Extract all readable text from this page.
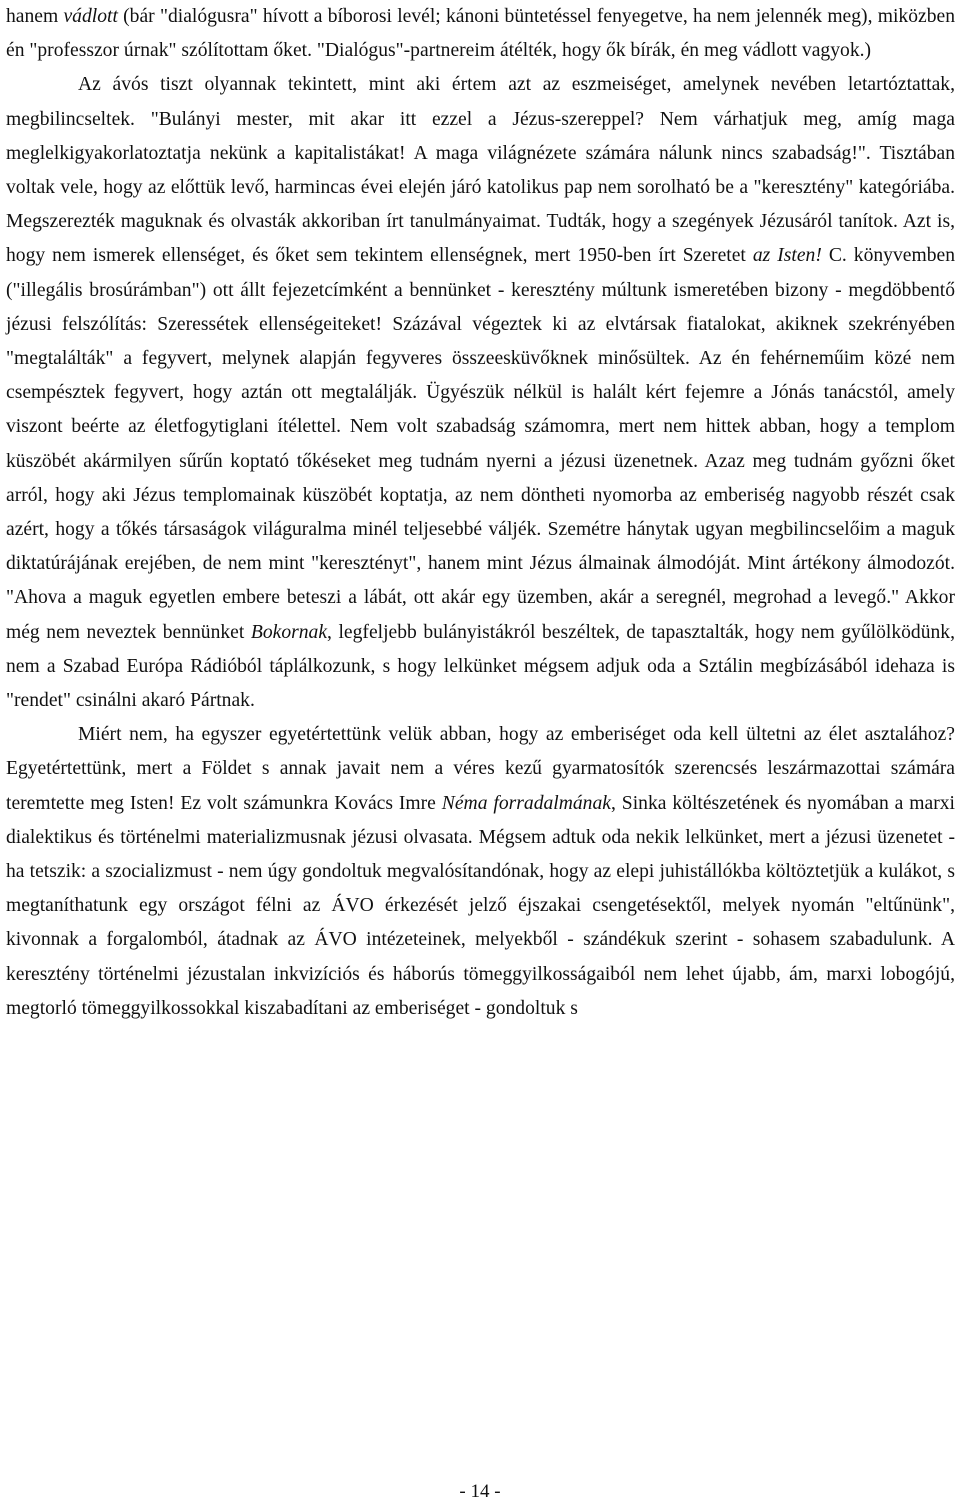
hanem vádlott (bár "dialógusra" hívott a bíborosi levél; kánoni büntetéssel fenyegetve, ha nem jelennék meg), miközben én "professzor úrnak" szólítottam őket. "Dialógus"-partnereim átélték, hogy ők bírák, én meg vádlott vagyok.)

Az ávós tiszt olyannak tekintett, mint aki értem azt az eszmeiséget, amelynek nevében letartóztattak, megbilincseltek. "Bulányi mester, mit akar itt ezzel a Jézus-szereppel? Nem várhatjuk meg, amíg maga meglelkigyakorlatoztatja nekünk a kapitalistákat! A maga világnézete számára nálunk nincs szabadság!". Tisztában voltak vele, hogy az előttük levő, harmincas évei elején járó katolikus pap nem sorolható be a "keresztény" kategóriába. Megszerezték maguknak és olvasták akkoriban írt tanulmányaimat. Tudták, hogy a szegények Jézusáról tanítok. Azt is, hogy nem ismerek ellenséget, és őket sem tekintem ellenségnek, mert 1950-ben írt Szeretet az Isten! C. könyvemben ("illegális brosúrámban") ott állt fejezetcímként a bennünket - keresztény múltunk ismeretében bizony - megdöbbentő jézusi felszólítás: Szeressétek ellenségeiteket! Százával végeztek ki az elvtársak fiatalokat, akiknek szekrényében "megtalálták" a fegyvert, melynek alapján fegyveres összeesküvőknek minősültek. Az én fehérneműim közé nem csempésztek fegyvert, hogy aztán ott megtalálják. Ügyészük nélkül is halált kért fejemre a Jónás tanácstól, amely viszont beérte az életfogytiglani ítélettel. Nem volt szabadság számomra, mert nem hittek abban, hogy a templom küszöbét akármilyen sűrűn koptató tőkéseket meg tudnám nyerni a jézusi üzenetnek. Azaz meg tudnám győzni őket arról, hogy aki Jézus templomainak küszöbét koptatja, az nem döntheti nyomorba az emberiség nagyobb részét csak azért, hogy a tőkés társaságok világuralma minél teljesebbé váljék. Szemétre hánytak ugyan megbilincselőim a maguk diktatúrájának erejében, de nem mint "keresztényt", hanem mint Jézus álmainak álmodóját. Mint ártékony álmodozót. "Ahova a maguk egyetlen embere beteszi a lábát, ott akár egy üzemben, akár a seregnél, megrohad a levegő." Akkor még nem neveztek bennünket Bokornak, legfeljebb bulányistákról beszéltek, de tapasztalták, hogy nem gyűlölködünk, nem a Szabad Európa Rádióból táplálkozunk, s hogy lelkünket mégsem adjuk oda a Sztálin megbízásából idehaza is "rendet" csinálni akaró Pártnak.

Miért nem, ha egyszer egyetértettünk velük abban, hogy az emberiséget oda kell ültetni az élet asztalához? Egyetértettünk, mert a Földet s annak javait nem a véres kezű gyarmatosítók szerencsés leszármazottai számára teremtette meg Isten! Ez volt számunkra Kovács Imre Néma forradalmának, Sinka költészetének és nyomában a marxi dialektikus és történelmi materializmusnak jézusi olvasata. Mégsem adtuk oda nekik lelkünket, mert a jézusi üzenetet - ha tetszik: a szocializmust - nem úgy gondoltuk megvalósítandónak, hogy az elepi juhistállókba költöztetjük a kulákot, s megtaníthatunk egy országot félni az ÁVO érkezését jelző éjszakai csengetésektől, melyek nyomán "eltűnünk", kivonnak a forgalomból, átadnak az ÁVO intézeteinek, melyekből - szándékuk szerint - sohasem szabadulunk. A keresztény történelmi jézustalan inkvizíciós és háborús tömeggyilkosságaiból nem lehet újabb, ám, marxi lobogójú, megtorló tömeggyilkossokkal kiszabadítani az emberiséget - gondoltuk s

- 14 -
